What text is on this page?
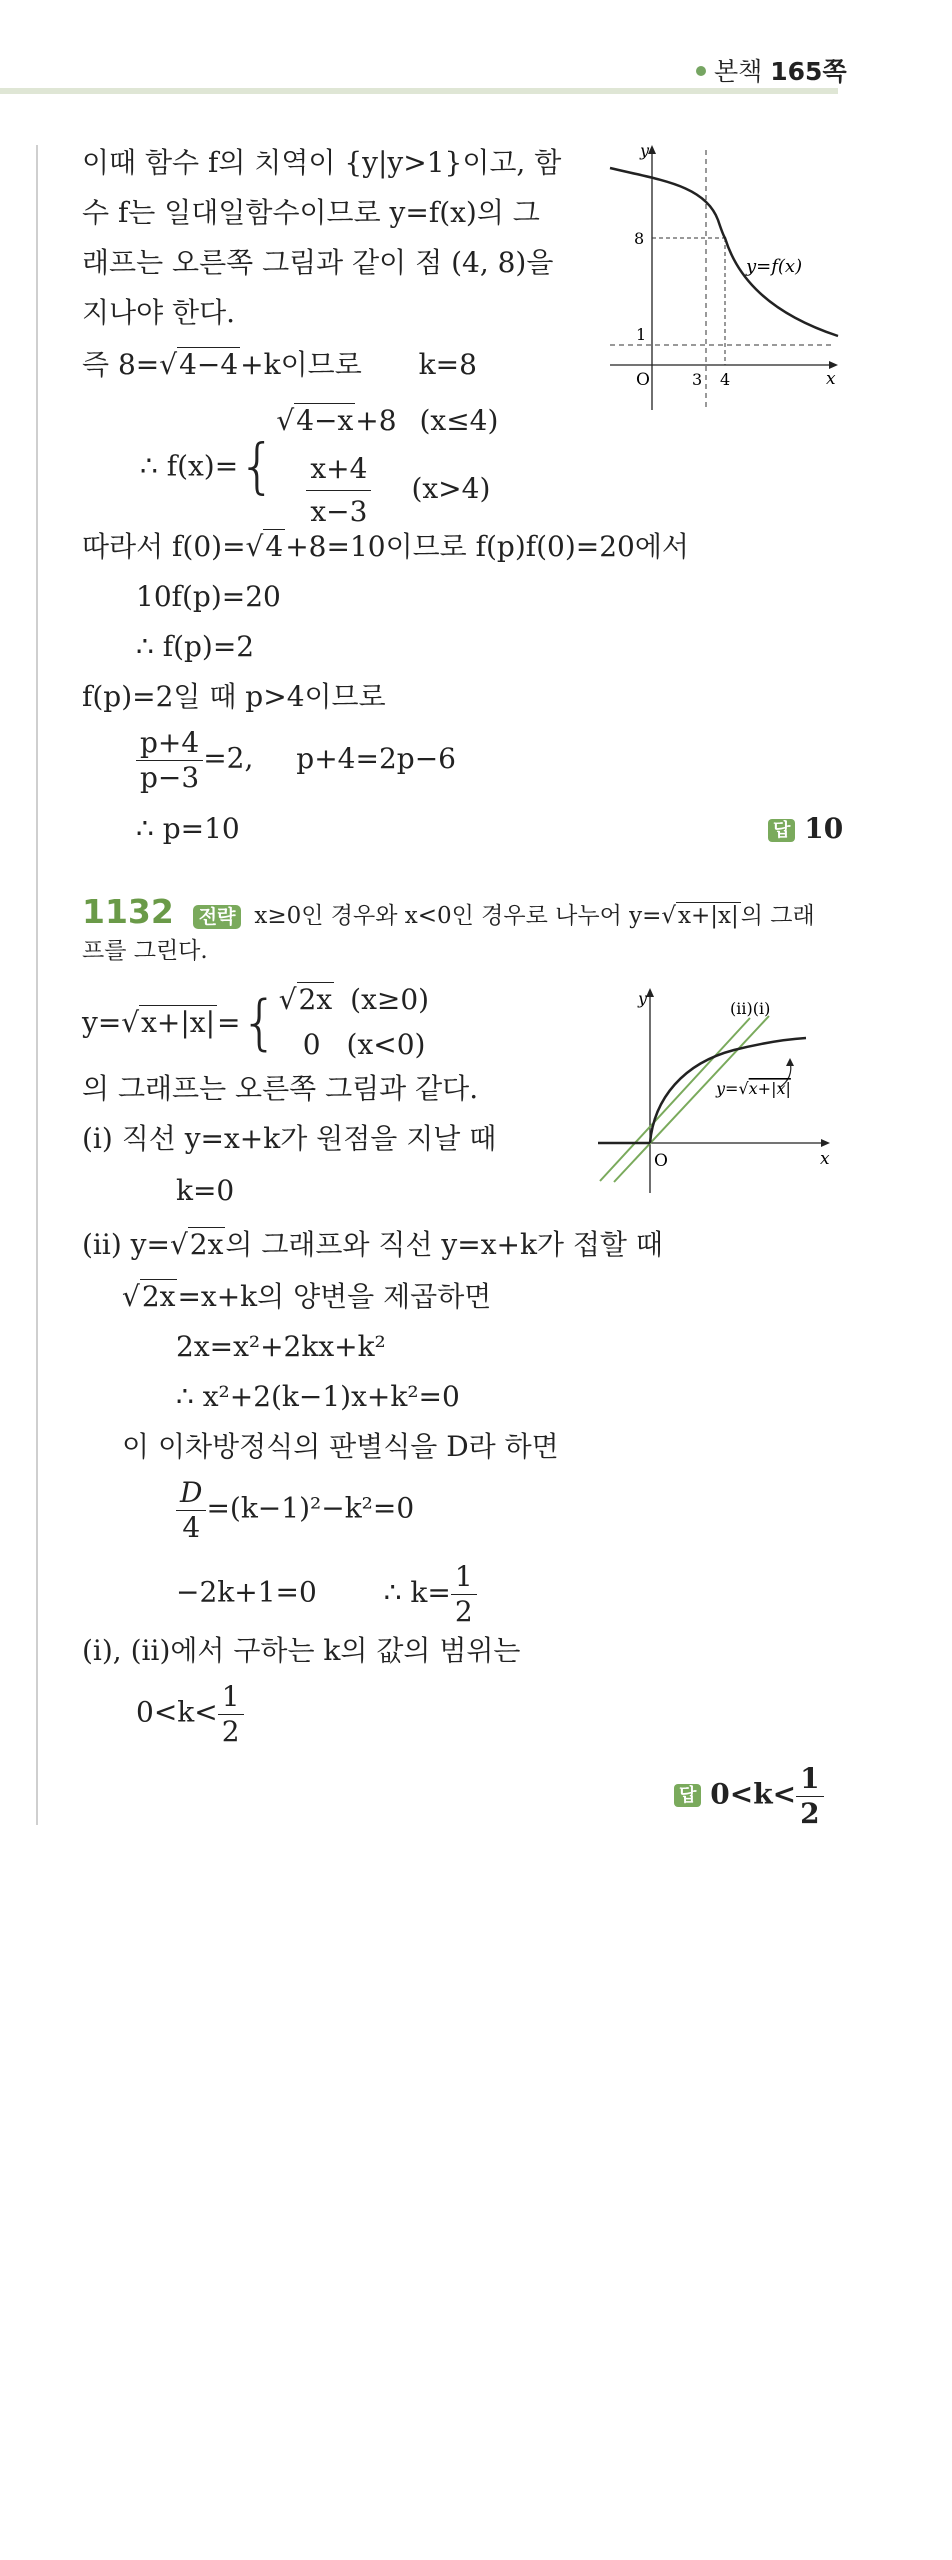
본책 165쪽
이때 함수 f의 치역이 {y|y>1}이고, 함
수 f는 일대일함수이므로 y=f(x)의 그
래프는 오른쪽 그림과 같이 점 (4, 8)을
지나야 한다.
즉 8=√4−4+k이므로 k=8
∴ f(x)={
√4−x+8 (x≤4)
$\frac{x+4}{x-3} (x>4)$
따라서 f(0)=√4+8=10이므로 f(p)f(0)=20에서
10f(p)=20
∴ f(p)=2
f(p)=2일 때 p>4이므로
$\frac{p+4}{p-3} =2$, p+4=2p−6
∴ p=10	답 10
y
x
O
8
1
3 4
y=f(x)
1132 전략 x≥0인 경우와 x<0인 경우로 나누어 y=√x+|x|의 그래
프를 그린다.
y=√x+|x|={ √2x (x≥0)
0 (x<0)
의 그래프는 오른쪽 그림과 같다.
(ⅰ) 직선 y=x+k가 원점을 지날 때
k=0
(ⅱ) y=√2x의 그래프와 직선 y=x+k가 접할 때
√2x=x+k의 양변을 제곱하면
2x=x²+2kx+k²
∴ x²+2(k−1)x+k²=0
이 이차방정식의 판별식을 D라 하면
$\frac{D}{4} =(k-1)^2-k^2=0$
−2k+1=0 ∴ $k= \frac{1}{2}$
(ⅰ), (ⅱ)에서 구하는 k의 값의 범위는
$0<k< \frac{1}{2}$
답 $0<k< \frac{1}{2}$
y
x
O
(ⅱ)(ⅰ)
y=√x+|x|
